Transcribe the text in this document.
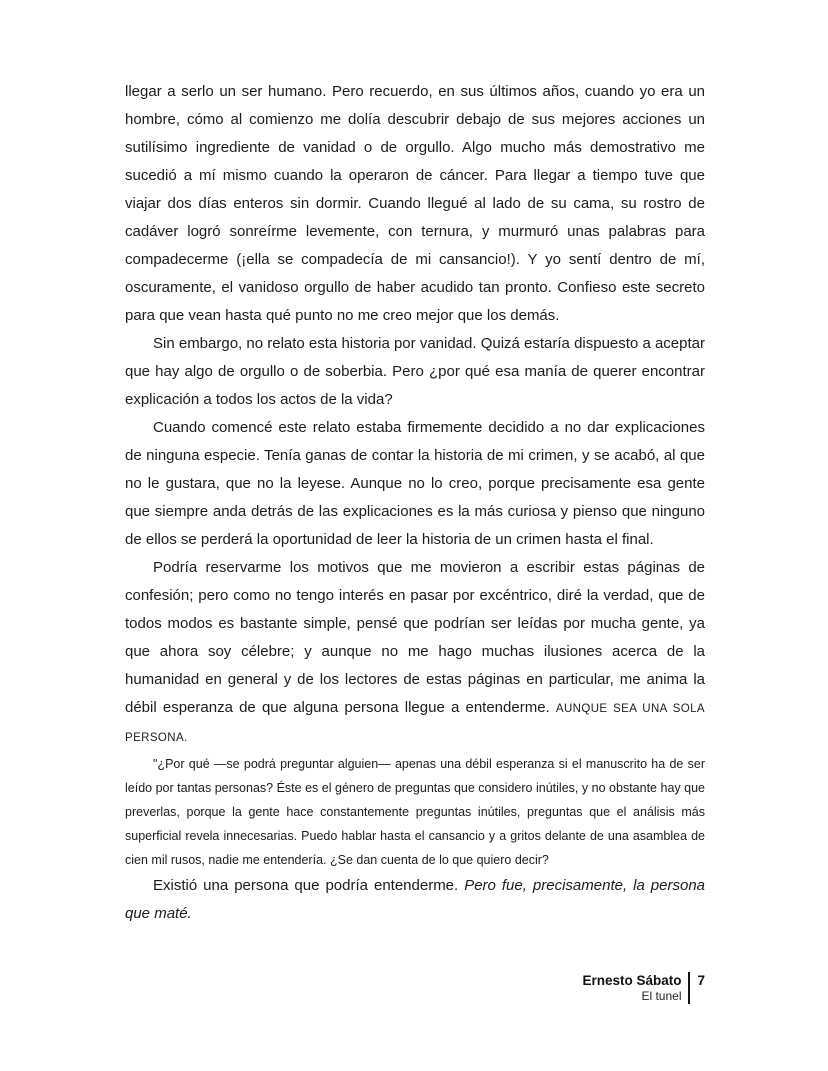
llegar a serlo un ser humano. Pero recuerdo, en sus últimos años, cuando yo era un hombre, cómo al comienzo me dolía descubrir debajo de sus mejores acciones un sutilísimo ingrediente de vanidad o de orgullo. Algo mucho más demostrativo me sucedió a mí mismo cuando la operaron de cáncer. Para llegar a tiempo tuve que viajar dos días enteros sin dormir. Cuando llegué al lado de su cama, su rostro de cadáver logró sonreírme levemente, con ternura, y murmuró unas palabras para compadecerme (¡ella se compadecía de mi cansancio!). Y yo sentí dentro de mí, oscuramente, el vanidoso orgullo de haber acudido tan pronto. Confieso este secreto para que vean hasta qué punto no me creo mejor que los demás.

Sin embargo, no relato esta historia por vanidad. Quizá estaría dispuesto a aceptar que hay algo de orgullo o de soberbia. Pero ¿por qué esa manía de querer encontrar explicación a todos los actos de la vida?

Cuando comencé este relato estaba firmemente decidido a no dar explicaciones de ninguna especie. Tenía ganas de contar la historia de mi crimen, y se acabó, al que no le gustara, que no la leyese. Aunque no lo creo, porque precisamente esa gente que siempre anda detrás de las explicaciones es la más curiosa y pienso que ninguno de ellos se perderá la oportunidad de leer la historia de un crimen hasta el final.

Podría reservarme los motivos que me movieron a escribir estas páginas de confesión; pero como no tengo interés en pasar por excéntrico, diré la verdad, que de todos modos es bastante simple, pensé que podrían ser leídas por mucha gente, ya que ahora soy célebre; y aunque no me hago muchas ilusiones acerca de la humanidad en general y de los lectores de estas páginas en particular, me anima la débil esperanza de que alguna persona llegue a entenderme. AUNQUE SEA UNA SOLA PERSONA.

"¿Por qué —se podrá preguntar alguien— apenas una débil esperanza si el manuscrito ha de ser leído por tantas personas? Éste es el género de preguntas que considero inútiles, y no obstante hay que preverlas, porque la gente hace constantemente preguntas inútiles, preguntas que el análisis más superficial revela innecesarias. Puedo hablar hasta el cansancio y a gritos delante de una asamblea de cien mil rusos, nadie me entendería. ¿Se dan cuenta de lo que quiero decir?

Existió una persona que podría entenderme. Pero fue, precisamente, la persona que maté.

Ernesto Sábato
El tunel
7
